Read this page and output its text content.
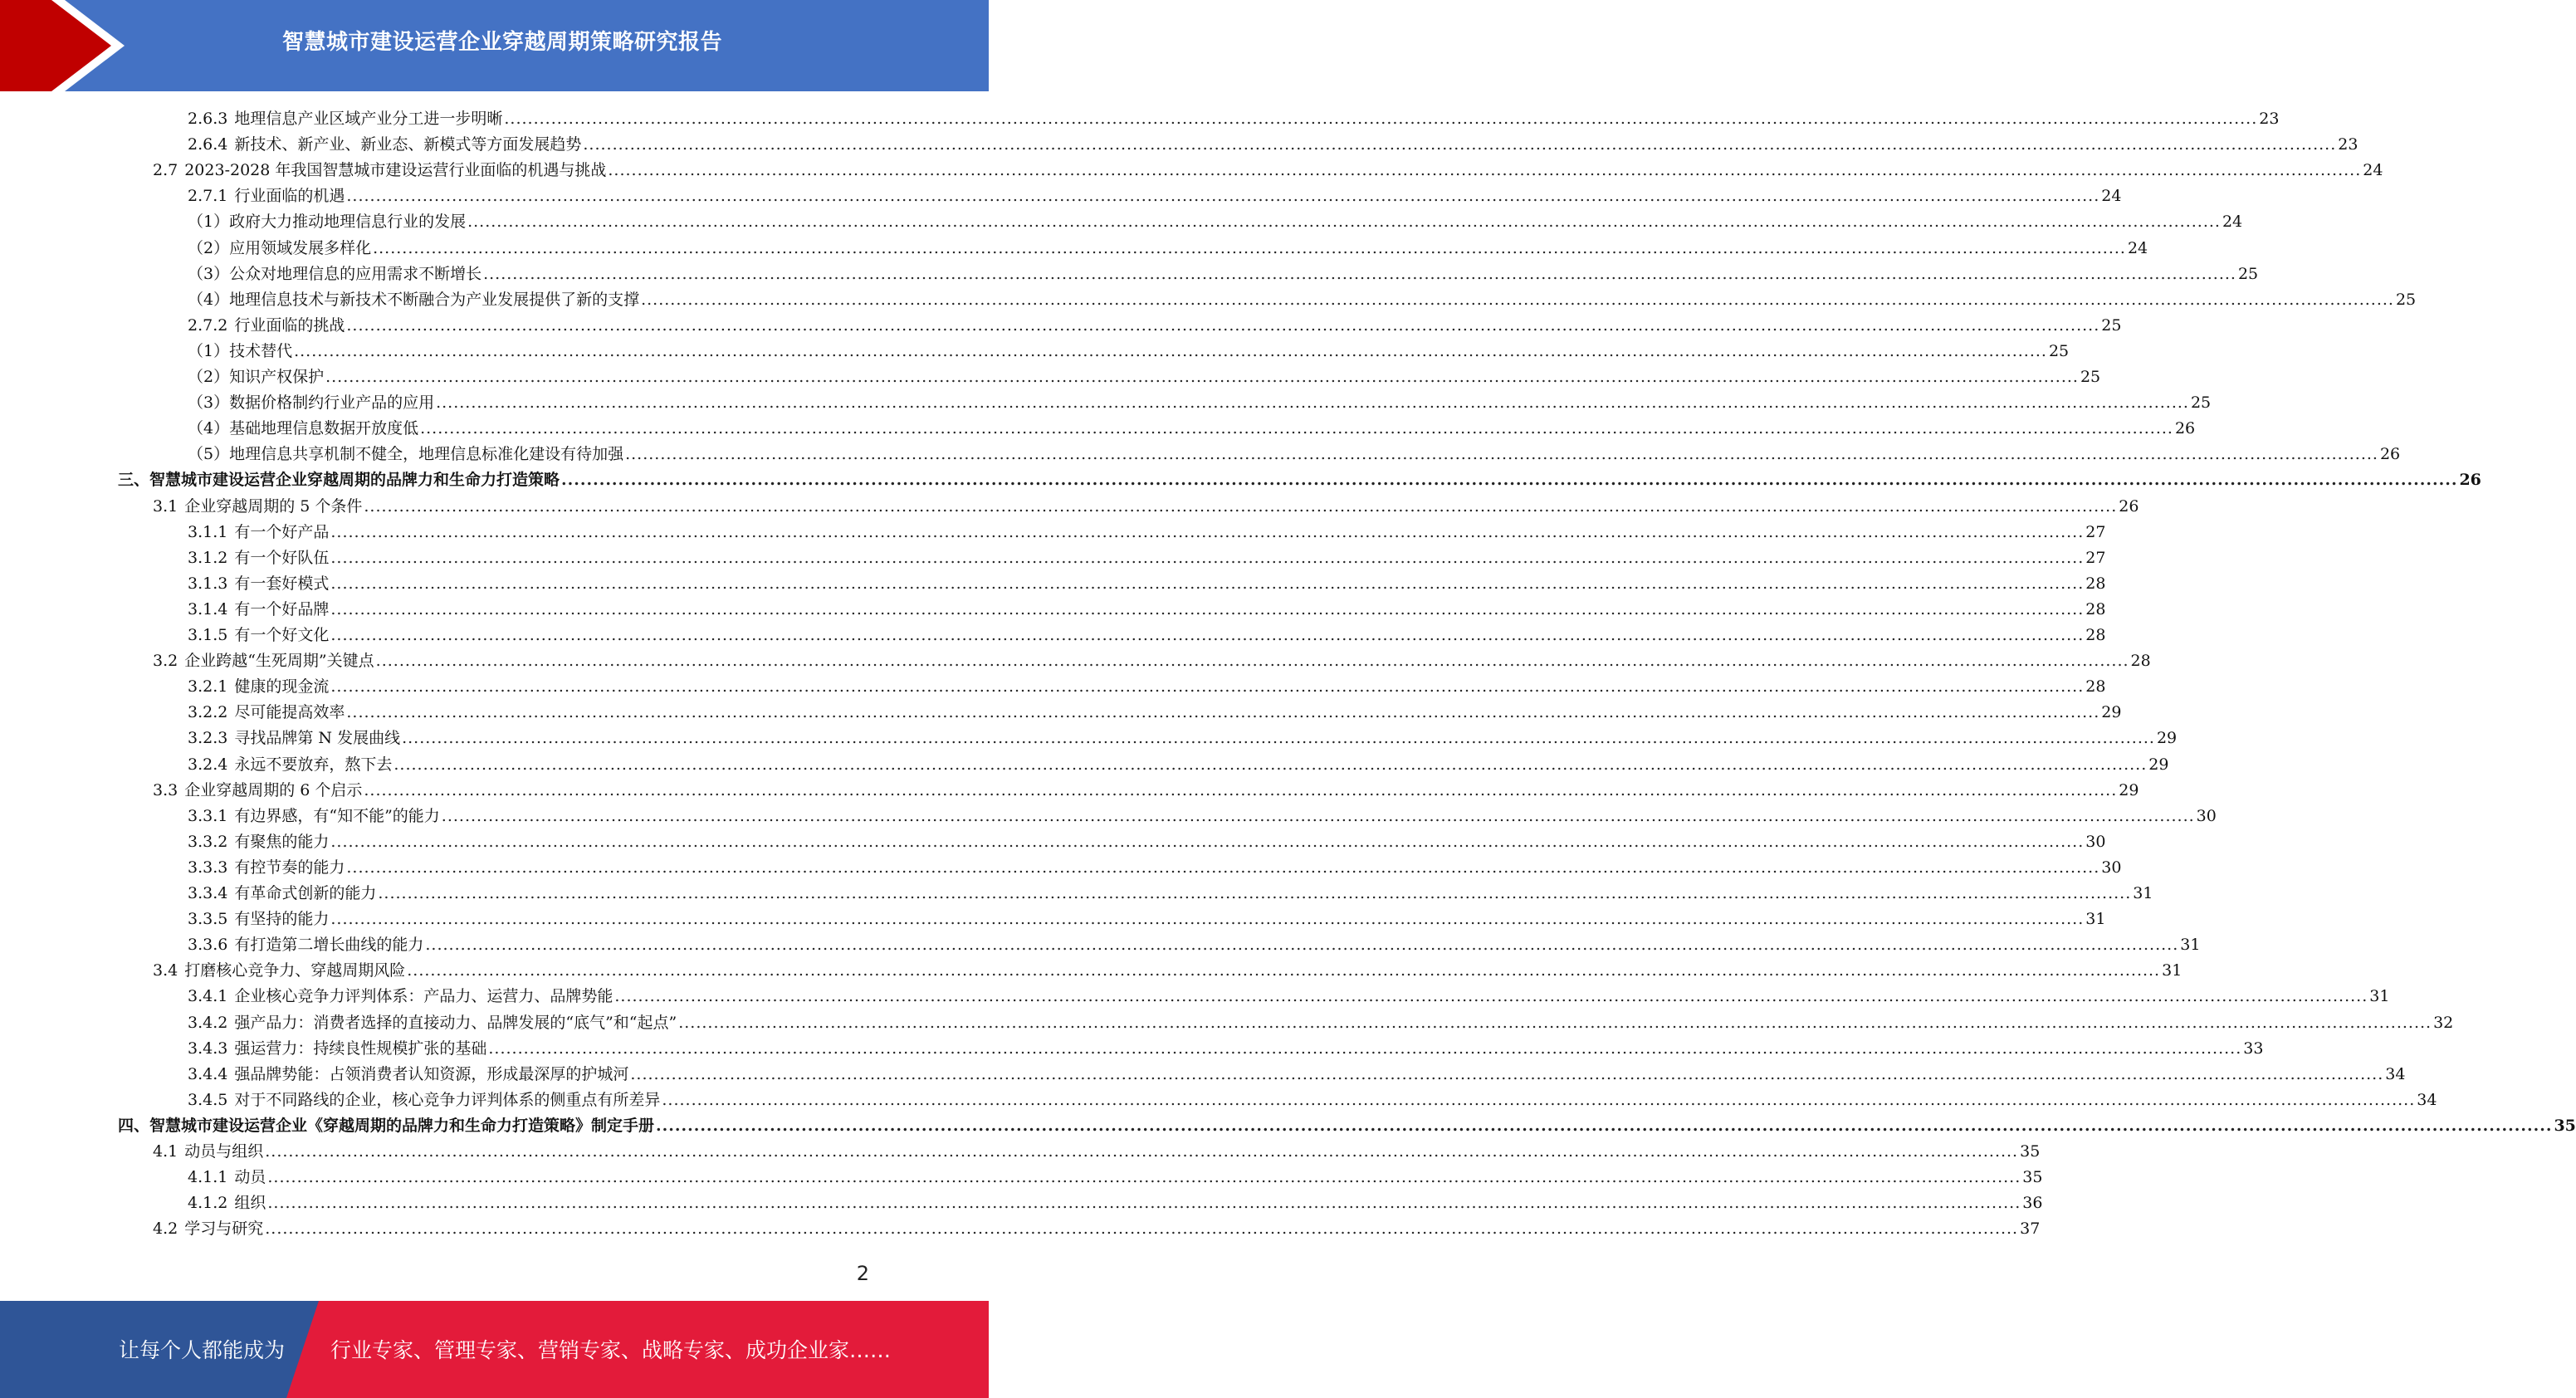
智慧城市建设运营企业穿越周期策略研究报告
2.6.3 地理信息产业区域产业分工进一步明晰 ............................................................................................................................................................................................................................................................................................................ 23
2.6.4 新技术、新产业、新业态、新模式等方面发展趋势 ............................................................................................................................................................................................................................................................................................................ 23
2.7 2023-2028 年我国智慧城市建设运营行业面临的机遇与挑战 ............................................................................................................................................................................................................................................................................................................ 24
2.7.1 行业面临的机遇 ............................................................................................................................................................................................................................................................................................................ 24
（1）政府大力推动地理信息行业的发展 ............................................................................................................................................................................................................................................................................................................ 24
（2）应用领域发展多样化 ............................................................................................................................................................................................................................................................................................................ 24
（3）公众对地理信息的应用需求不断增长 ............................................................................................................................................................................................................................................................................................................ 25
（4）地理信息技术与新技术不断融合为产业发展提供了新的支撑 ............................................................................................................................................................................................................................................................................................................ 25
2.7.2 行业面临的挑战 ............................................................................................................................................................................................................................................................................................................ 25
（1）技术替代 ............................................................................................................................................................................................................................................................................................................ 25
（2）知识产权保护 ............................................................................................................................................................................................................................................................................................................ 25
（3）数据价格制约行业产品的应用 ............................................................................................................................................................................................................................................................................................................ 25
（4）基础地理信息数据开放度低 ............................................................................................................................................................................................................................................................................................................ 26
（5）地理信息共享机制不健全，地理信息标准化建设有待加强 ............................................................................................................................................................................................................................................................................................................ 26
三、智慧城市建设运营企业穿越周期的品牌力和生命力打造策略 ............................................................................................................................................................................................................................................................................................................ 26
3.1 企业穿越周期的 5 个条件 ............................................................................................................................................................................................................................................................................................................ 26
3.1.1 有一个好产品 ............................................................................................................................................................................................................................................................................................................ 27
3.1.2 有一个好队伍 ............................................................................................................................................................................................................................................................................................................ 27
3.1.3 有一套好模式 ............................................................................................................................................................................................................................................................................................................ 28
3.1.4 有一个好品牌 ............................................................................................................................................................................................................................................................................................................ 28
3.1.5 有一个好文化 ............................................................................................................................................................................................................................................................................................................ 28
3.2 企业跨越“生死周期”关键点 ............................................................................................................................................................................................................................................................................................................ 28
3.2.1 健康的现金流 ............................................................................................................................................................................................................................................................................................................ 28
3.2.2 尽可能提高效率 ............................................................................................................................................................................................................................................................................................................ 29
3.2.3 寻找品牌第 N 发展曲线 ............................................................................................................................................................................................................................................................................................................ 29
3.2.4 永远不要放弃，熬下去 ............................................................................................................................................................................................................................................................................................................ 29
3.3 企业穿越周期的 6 个启示 ............................................................................................................................................................................................................................................................................................................ 29
3.3.1 有边界感，有“知不能”的能力 ............................................................................................................................................................................................................................................................................................................ 30
3.3.2 有聚焦的能力 ............................................................................................................................................................................................................................................................................................................ 30
3.3.3 有控节奏的能力 ............................................................................................................................................................................................................................................................................................................ 30
3.3.4 有革命式创新的能力 ............................................................................................................................................................................................................................................................................................................ 31
3.3.5 有坚持的能力 ............................................................................................................................................................................................................................................................................................................ 31
3.3.6 有打造第二增长曲线的能力 ............................................................................................................................................................................................................................................................................................................ 31
3.4 打磨核心竞争力、穿越周期风险 ............................................................................................................................................................................................................................................................................................................ 31
3.4.1 企业核心竞争力评判体系：产品力、运营力、品牌势能 ............................................................................................................................................................................................................................................................................................................ 31
3.4.2 强产品力：消费者选择的直接动力、品牌发展的“底气”和“起点” ............................................................................................................................................................................................................................................................................................................ 32
3.4.3 强运营力：持续良性规模扩张的基础 ............................................................................................................................................................................................................................................................................................................ 33
3.4.4 强品牌势能：占领消费者认知资源，形成最深厚的护城河 ............................................................................................................................................................................................................................................................................................................ 34
3.4.5 对于不同路线的企业，核心竞争力评判体系的侧重点有所差异 ............................................................................................................................................................................................................................................................................................................ 34
四、智慧城市建设运营企业《穿越周期的品牌力和生命力打造策略》制定手册 ............................................................................................................................................................................................................................................................................................................ 35
4.1 动员与组织 ............................................................................................................................................................................................................................................................................................................ 35
4.1.1 动员 ............................................................................................................................................................................................................................................................................................................ 35
4.1.2 组织 ............................................................................................................................................................................................................................................................................................................ 36
4.2 学习与研究 ............................................................................................................................................................................................................................................................................................................ 37
2
让每个人都能成为 行业专家、管理专家、营销专家、战略专家、成功企业家……
